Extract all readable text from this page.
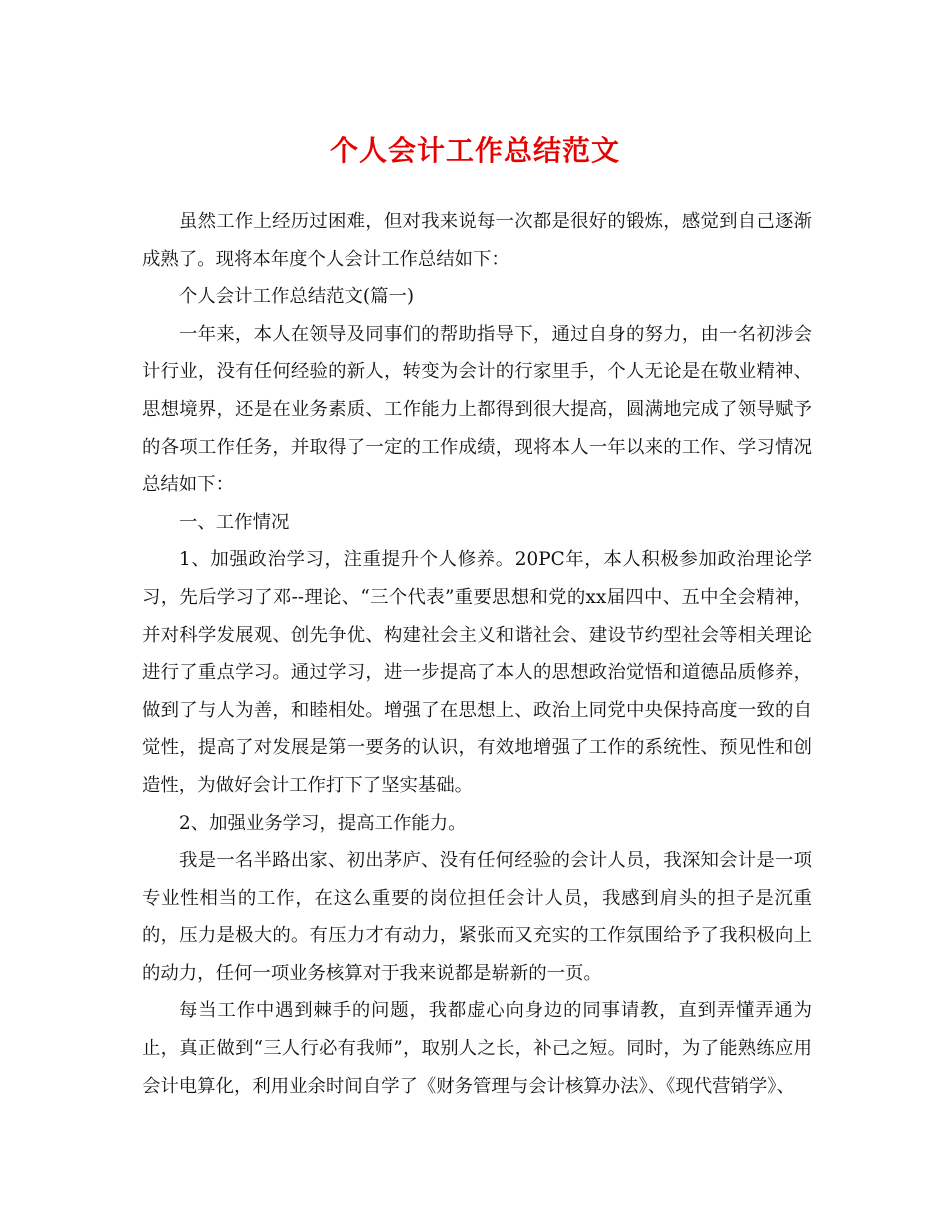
个人会计工作总结范文

虽然工作上经历过困难，但对我来说每一次都是很好的锻炼，感觉到自己逐渐成熟了。现将本年度个人会计工作总结如下：

个人会计工作总结范文(篇一)

一年来，本人在领导及同事们的帮助指导下，通过自身的努力，由一名初涉会计行业，没有任何经验的新人，转变为会计的行家里手，个人无论是在敬业精神、思想境界，还是在业务素质、工作能力上都得到很大提高，圆满地完成了领导赋予的各项工作任务，并取得了一定的工作成绩，现将本人一年以来的工作、学习情况总结如下：

一、工作情况

1、加强政治学习，注重提升个人修养。20PC年，本人积极参加政治理论学习，先后学习了邓--理论、“三个代表”重要思想和党的xx届四中、五中全会精神，并对科学发展观、创先争优、构建社会主义和谐社会、建设节约型社会等相关理论进行了重点学习。通过学习，进一步提高了本人的思想政治觉悟和道德品质修养，做到了与人为善，和睦相处。增强了在思想上、政治上同党中央保持高度一致的自觉性，提高了对发展是第一要务的认识，有效地增强了工作的系统性、预见性和创造性，为做好会计工作打下了坚实基础。

2、加强业务学习，提高工作能力。

我是一名半路出家、初出茅庐、没有任何经验的会计人员，我深知会计是一项专业性相当的工作，在这么重要的岗位担任会计人员，我感到肩头的担子是沉重的，压力是极大的。有压力才有动力，紧张而又充实的工作氛围给予了我积极向上的动力，任何一项业务核算对于我来说都是崭新的一页。

每当工作中遇到棘手的问题，我都虚心向身边的同事请教，直到弄懂弄通为止，真正做到“三人行必有我师”，取别人之长，补己之短。同时，为了能熟练应用会计电算化，利用业余时间自学了《财务管理与会计核算办法》、《现代营销学》、
